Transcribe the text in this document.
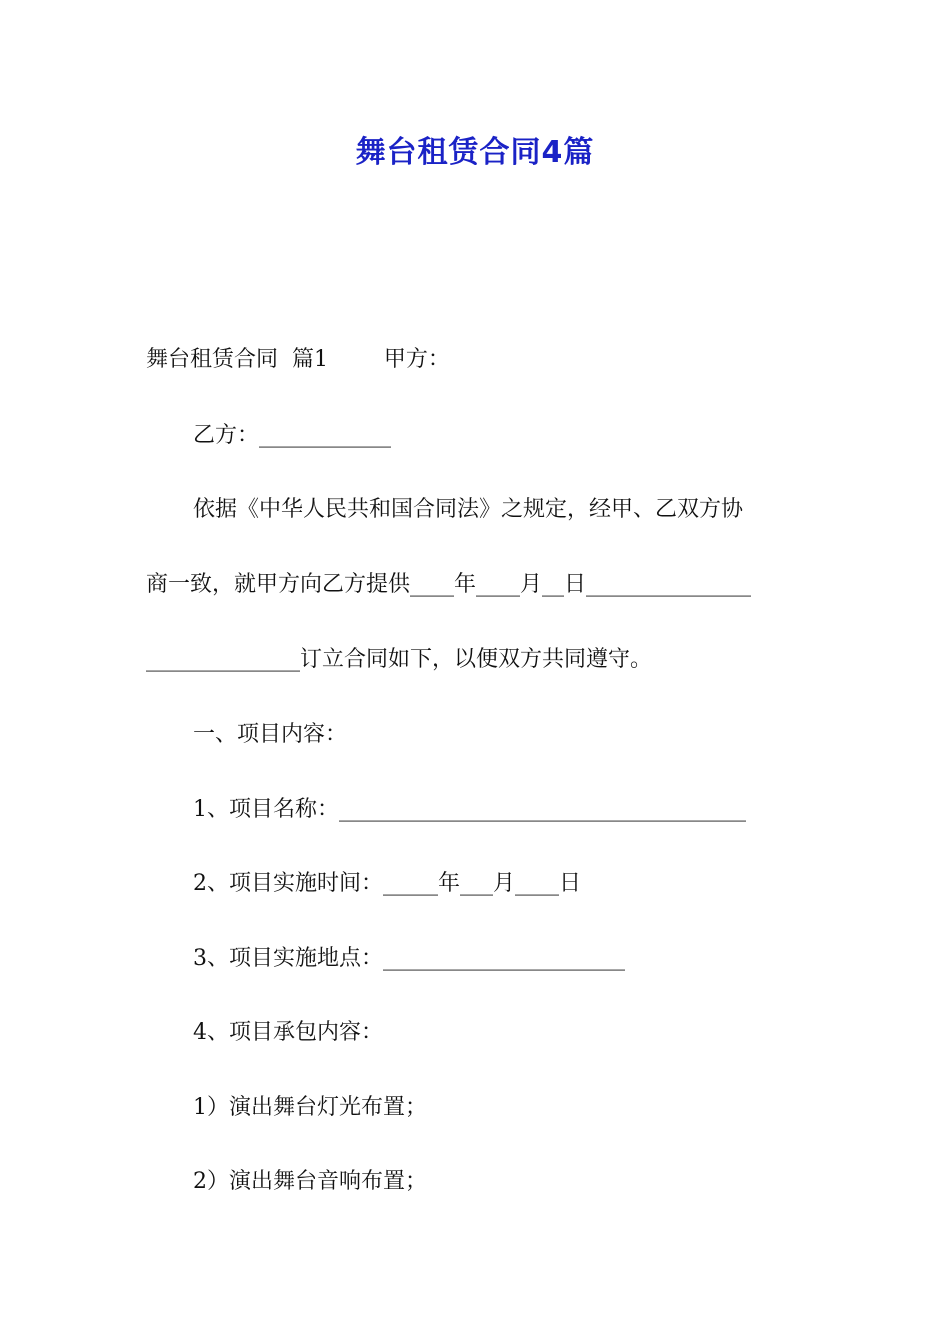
舞台租赁合同4篇
舞台租赁合同  篇1        甲方：
乙方：____________
依据《中华人民共和国合同法》之规定，经甲、乙双方协
商一致，就甲方向乙方提供____年____月__日_______________
______________订立合同如下，以便双方共同遵守。
一、项目内容：
1、项目名称：_____________________________________
2、项目实施时间：_____年___月____日
3、项目实施地点：______________________
4、项目承包内容：
1）演出舞台灯光布置；
2）演出舞台音响布置；
